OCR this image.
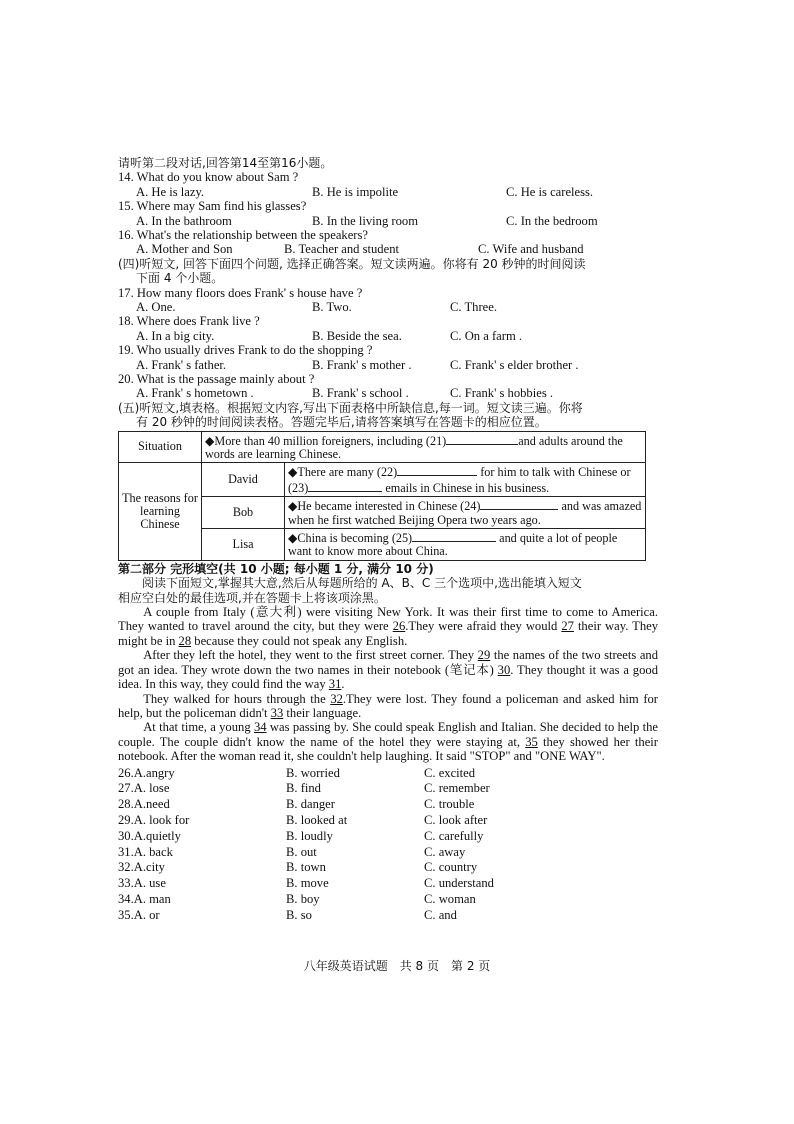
请听第二段对话,回答第14至第16小题。
14. What do you know about Sam ?
A. He is lazy.	B. He is impolite	C. He is careless.
15. Where may Sam find his glasses?
A. In the bathroom	B. In the living room	C. In the bedroom
16. What's the relationship between the speakers?
A. Mother and Son	B. Teacher and student	C. Wife and husband
(四)听短文, 回答下面四个问题, 选择正确答案。短文读两遍。你将有 20 秒钟的时间阅读
下面 4 个小题。
17. How many floors does Frank' s house have ?
A. One.	B. Two.	C. Three.
18. Where does Frank live ?
A. In a big city.	B. Beside the sea.	C. On a farm .
19. Who usually drives Frank to do the shopping ?
A. Frank' s father.	B. Frank' s mother .	C. Frank' s elder brother .
20. What is the passage mainly about ?
A. Frank' s hometown .	B. Frank' s school .	C. Frank' s hobbies .
(五)听短文,填表格。根据短文内容,写出下面表格中所缺信息,每一词。短文读三遍。你将
有 20 秒钟的时间阅读表格。答题完毕后,请将答案填写在答题卡的相应位置。
Situation	◆More than 40 million foreigners, including (21) and adults around the words are learning Chinese.	
The reasons for learning Chinese	David	◆There are many (22) for him to talk with Chinese or (23) emails in Chinese in his business.
	Bob	◆He became interested in Chinese (24) and was amazed when he first watched Beijing Opera two years ago.
	Lisa	◆China is becoming (25) and quite a lot of people want to know more about China.
第二部分 完形填空(共 10 小题; 每小题 1 分, 满分 10 分)
阅读下面短文,掌握其大意,然后从每题所给的 A、B、C 三个选项中,选出能填入短文
相应空白处的最佳选项,并在答题卡上将该项涂黑。
A couple from Italy (意大利) were visiting New York. It was their first time to come to America. They wanted to travel around the city, but they were 26.They were afraid they would 27 their way. They might be in 28 because they could not speak any English.
After they left the hotel, they went to the first street corner. They 29 the names of the two streets and got an idea. They wrote down the two names in their notebook (笔记本) 30. They thought it was a good idea. In this way, they could find the way 31.
They walked for hours through the 32.They were lost. They found a policeman and asked him for help, but the policeman didn't 33 their language.
At that time, a young 34 was passing by. She could speak English and Italian. She decided to help the couple. The couple didn't know the name of the hotel they were staying at, 35 they showed her their notebook. After the woman read it, she couldn't help laughing. It said "STOP" and "ONE WAY".
26.A.angry	B. worried	C. excited
27.A. lose	B. find	C. remember
28.A.need	B. danger	C. trouble
29.A. look for	B. looked at	C. look after
30.A.quietly	B. loudly	C. carefully
31.A. back	B. out	C. away
32.A.city	B. town	C. country
33.A. use	B. move	C. understand
34.A. man	B. boy	C. woman
35.A. or	B. so	C. and
八年级英语试题　共 8 页　第 2 页
